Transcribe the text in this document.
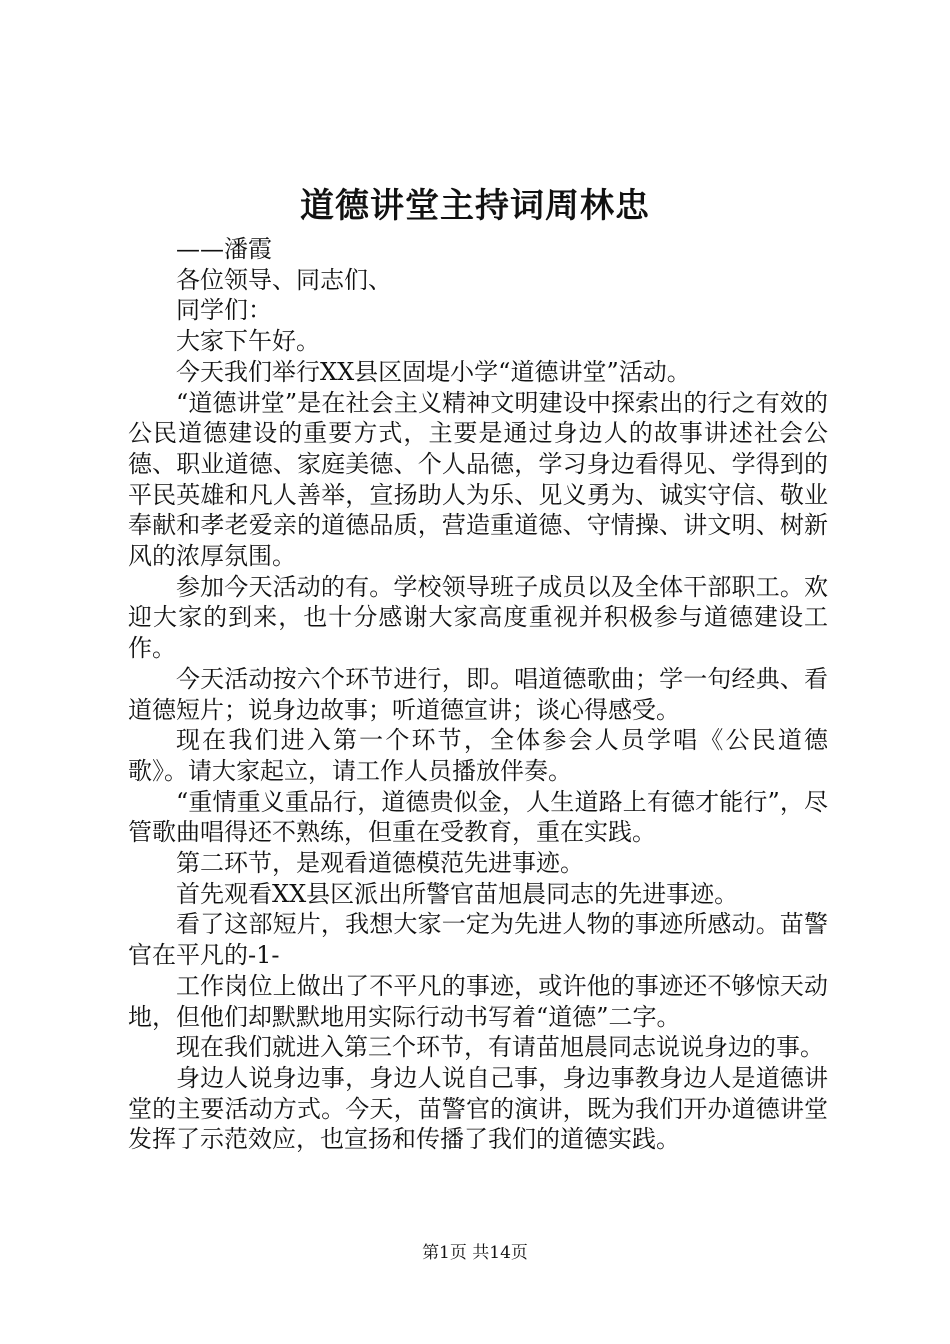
道德讲堂主持词周林忠

——潘霞

各位领导、同志们、

同学们：

大家下午好。

今天我们举行XX县区固堤小学“道德讲堂”活动。

“道德讲堂”是在社会主义精神文明建设中探索出的行之有效的公民道德建设的重要方式，主要是通过身边人的故事讲述社会公德、职业道德、家庭美德、个人品德，学习身边看得见、学得到的平民英雄和凡人善举，宣扬助人为乐、见义勇为、诚实守信、敬业奉献和孝老爱亲的道德品质，营造重道德、守情操、讲文明、树新风的浓厚氛围。

参加今天活动的有。学校领导班子成员以及全体干部职工。欢迎大家的到来，也十分感谢大家高度重视并积极参与道德建设工作。

今天活动按六个环节进行，即。唱道德歌曲；学一句经典、看道德短片；说身边故事；听道德宣讲；谈心得感受。

现在我们进入第一个环节，全体参会人员学唱《公民道德歌》。请大家起立，请工作人员播放伴奏。

“重情重义重品行，道德贵似金，人生道路上有德才能行”，尽管歌曲唱得还不熟练，但重在受教育，重在实践。

第二环节，是观看道德模范先进事迹。

首先观看XX县区派出所警官苗旭晨同志的先进事迹。

看了这部短片，我想大家一定为先进人物的事迹所感动。苗警官在平凡的-1-

工作岗位上做出了不平凡的事迹，或许他的事迹还不够惊天动地，但他们却默默地用实际行动书写着“道德”二字。

现在我们就进入第三个环节，有请苗旭晨同志说说身边的事。

身边人说身边事，身边人说自己事，身边事教身边人是道德讲堂的主要活动方式。今天，苗警官的演讲，既为我们开办道德讲堂发挥了示范效应，也宣扬和传播了我们的道德实践。

第1页 共14页
